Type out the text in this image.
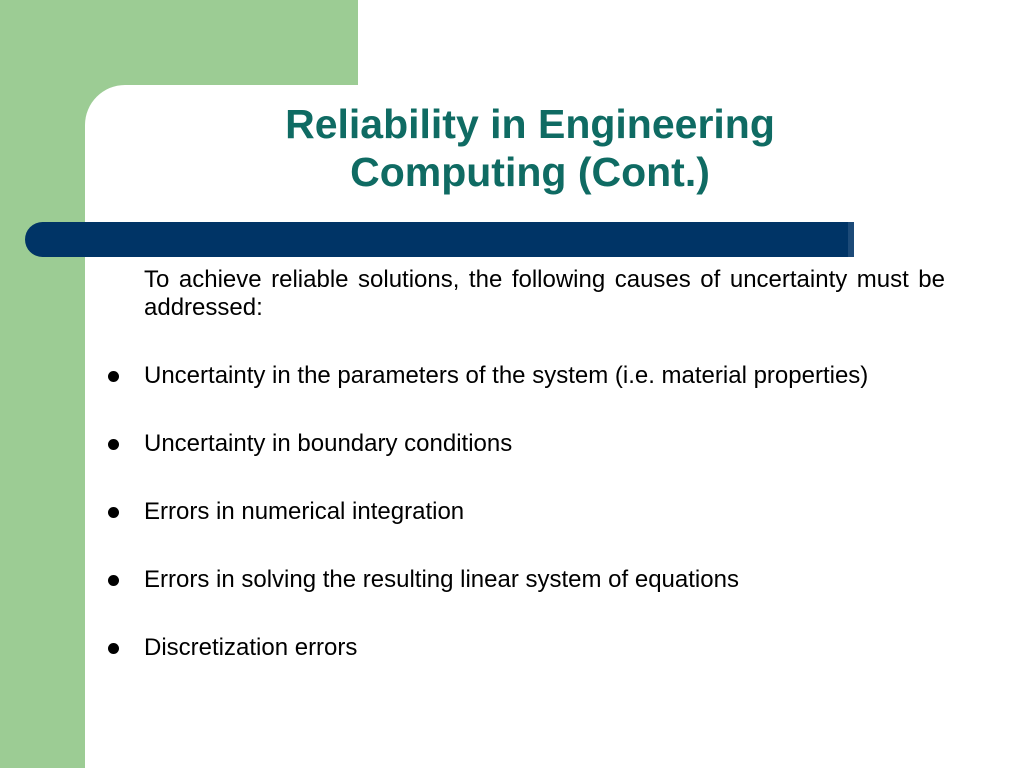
Reliability in Engineering
Computing (Cont.)
To achieve reliable solutions, the following causes of uncertainty must be addressed:
Uncertainty in the parameters of the system (i.e. material properties)
Uncertainty in boundary conditions
Errors in numerical integration
Errors in solving the resulting linear system of equations
Discretization errors
